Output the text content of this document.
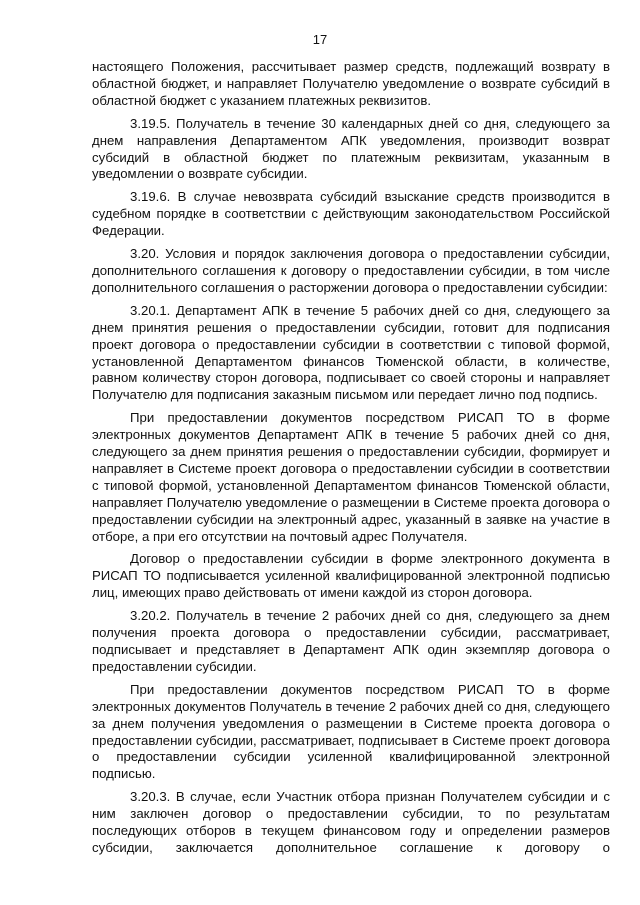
17

настоящего Положения, рассчитывает размер средств, подлежащий возврату в областной бюджет, и направляет Получателю уведомление о возврате субсидий в областной бюджет с указанием платежных реквизитов.

3.19.5. Получатель в течение 30 календарных дней со дня, следующего за днем направления Департаментом АПК уведомления, производит возврат субсидий в областной бюджет по платежным реквизитам, указанным в уведомлении о возврате субсидии.

3.19.6. В случае невозврата субсидий взыскание средств производится в судебном порядке в соответствии с действующим законодательством Российской Федерации.

3.20. Условия и порядок заключения договора о предоставлении субсидии, дополнительного соглашения к договору о предоставлении субсидии, в том числе дополнительного соглашения о расторжении договора о предоставлении субсидии:

3.20.1. Департамент АПК в течение 5 рабочих дней со дня, следующего за днем принятия решения о предоставлении субсидии, готовит для подписания проект договора о предоставлении субсидии в соответствии с типовой формой, установленной Департаментом финансов Тюменской области, в количестве, равном количеству сторон договора, подписывает со своей стороны и направляет Получателю для подписания заказным письмом или передает лично под подпись.

При предоставлении документов посредством РИСАП ТО в форме электронных документов Департамент АПК в течение 5 рабочих дней со дня, следующего за днем принятия решения о предоставлении субсидии, формирует и направляет в Системе проект договора о предоставлении субсидии в соответствии с типовой формой, установленной Департаментом финансов Тюменской области, направляет Получателю уведомление о размещении в Системе проекта договора о предоставлении субсидии на электронный адрес, указанный в заявке на участие в отборе, а при его отсутствии на почтовый адрес Получателя.

Договор о предоставлении субсидии в форме электронного документа в РИСАП ТО подписывается усиленной квалифицированной электронной подписью лиц, имеющих право действовать от имени каждой из сторон договора.

3.20.2. Получатель в течение 2 рабочих дней со дня, следующего за днем получения проекта договора о предоставлении субсидии, рассматривает, подписывает и представляет в Департамент АПК один экземпляр договора о предоставлении субсидии.

При предоставлении документов посредством РИСАП ТО в форме электронных документов Получатель в течение 2 рабочих дней со дня, следующего за днем получения уведомления о размещении в Системе проекта договора о предоставлении субсидии, рассматривает, подписывает в Системе проект договора о предоставлении субсидии усиленной квалифицированной электронной подписью.

3.20.3. В случае, если Участник отбора признан Получателем субсидии и с ним заключен договор о предоставлении субсидии, то по результатам последующих отборов в текущем финансовом году и определении размеров субсидии, заключается дополнительное соглашение к договору о
